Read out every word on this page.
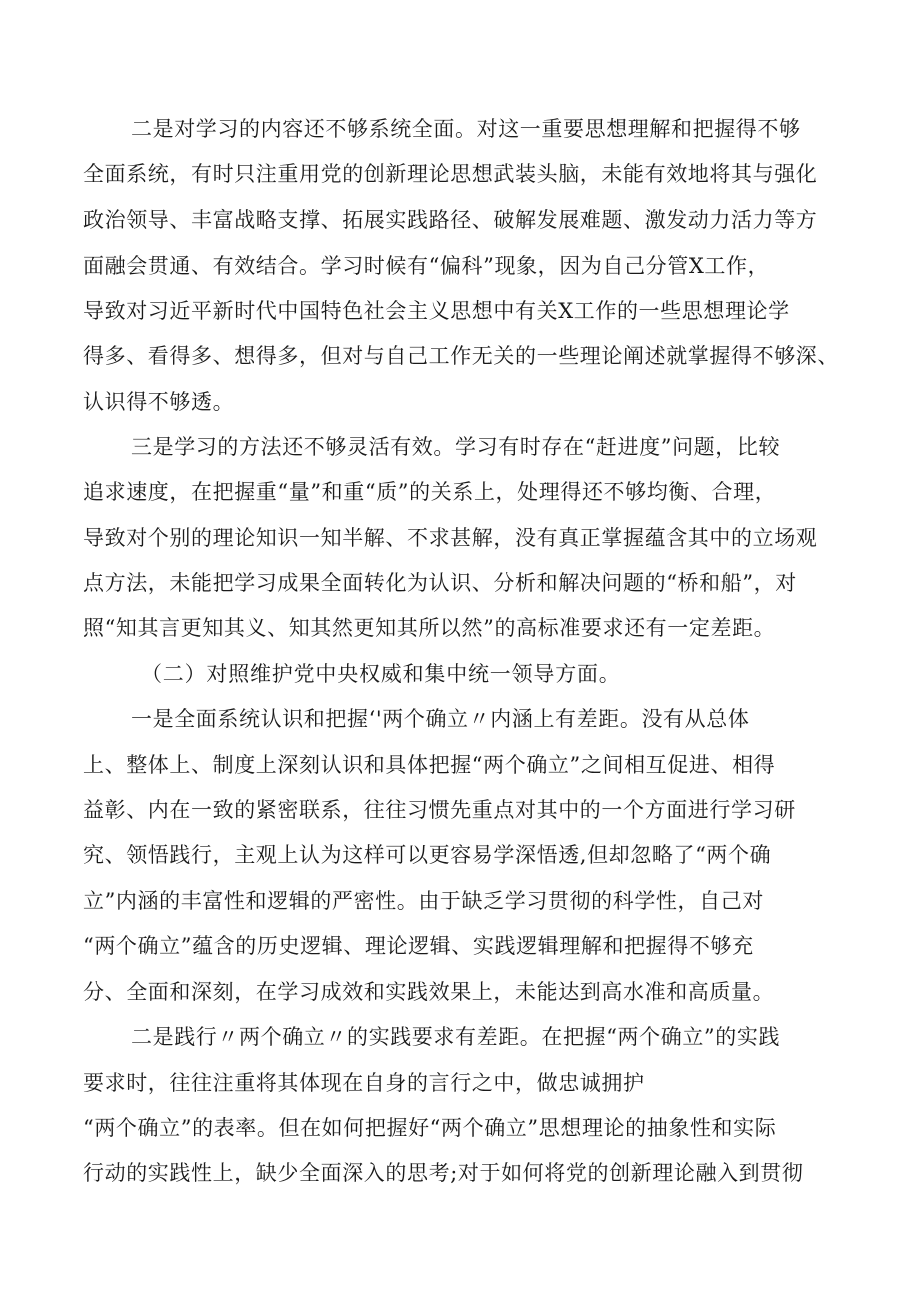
二是对学习的内容还不够系统全面。对这一重要思想理解和把握得不够
全面系统，有时只注重用党的创新理论思想武装头脑，未能有效地将其与强化
政治领导、丰富战略支撑、拓展实践路径、破解发展难题、激发动力活力等方
面融会贯通、有效结合。学习时候有“偏科”现象，因为自己分管X工作，
导致对习近平新时代中国特色社会主义思想中有关X工作的一些思想理论学
得多、看得多、想得多，但对与自己工作无关的一些理论阐述就掌握得不够深、
认识得不够透。
三是学习的方法还不够灵活有效。学习有时存在“赶进度”问题，比较
追求速度，在把握重“量”和重“质”的关系上，处理得还不够均衡、合理，
导致对个别的理论知识一知半解、不求甚解，没有真正掌握蕴含其中的立场观
点方法，未能把学习成果全面转化为认识、分析和解决问题的“桥和船”，对
照“知其言更知其义、知其然更知其所以然”的高标准要求还有一定差距。
（二）对照维护党中央权威和集中统一领导方面。
一是全面系统认识和把握‘'两个确立〃内涵上有差距。没有从总体
上、整体上、制度上深刻认识和具体把握“两个确立”之间相互促进、相得
益彰、内在一致的紧密联系，往往习惯先重点对其中的一个方面进行学习研
究、领悟践行，主观上认为这样可以更容易学深悟透,但却忽略了“两个确
立”内涵的丰富性和逻辑的严密性。由于缺乏学习贯彻的科学性，自己对
“两个确立”蕴含的历史逻辑、理论逻辑、实践逻辑理解和把握得不够充
分、全面和深刻，在学习成效和实践效果上，未能达到高水准和高质量。
二是践行〃两个确立〃的实践要求有差距。在把握“两个确立”的实践
要求时，往往注重将其体现在自身的言行之中，做忠诚拥护
“两个确立”的表率。但在如何把握好“两个确立”思想理论的抽象性和实际
行动的实践性上，缺少全面深入的思考;对于如何将党的创新理论融入到贯彻
